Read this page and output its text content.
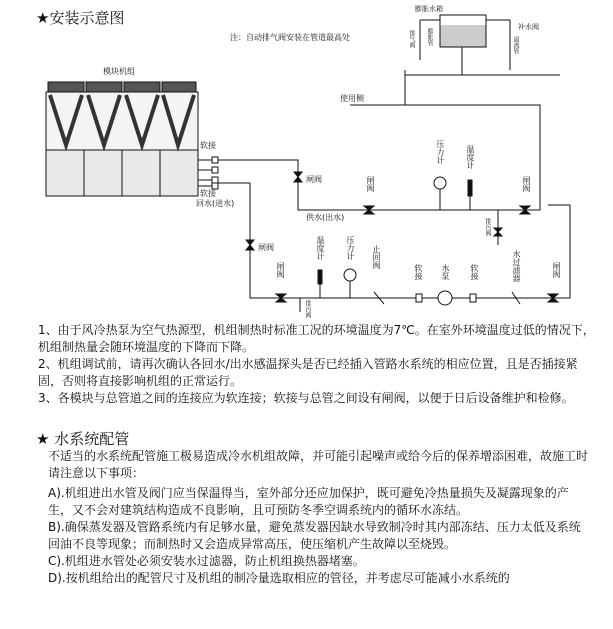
★安装示意图
注：自动排气阀安装在管道最高处
模块机组
使用侧
软接
软接
闸阀
闸阀
闸阀	闸阀
闸阀	闸阀
回水(进水)
供水(出水)
压力计	温度计
温度计	压力计 止回阀
软接 水泵	软接	水过滤器
排污阀
排污阀
膨胀水箱
补水阀
排气阀	溢流管
膨胀管

1、由于风冷热泵为空气热源型，机组制热时标准工况的环境温度为7℃。在室外环境温度过低的情况下，机组制热量会随环境温度的下降而下降。

2、机组调试前，请再次确认各回水/出水感温探头是否已经插入管路水系统的相应位置，且是否插接紧固，否则将直接影响机组的正常运行。

3、各模块与总管道之间的连接应为软连接；软接与总管之间设有闸阀，以便于日后设备维护和检修。

★ 水系统配管

不适当的水系统配管施工极易造成冷水机组故障，并可能引起噪声或给今后的保养增添困难，故施工时请注意以下事项：

A).机组进出水管及阀门应当保温得当，室外部分还应加保护，既可避免冷热量损失及凝露现象的产生，又不会对建筑结构造成不良影响，且可预防冬季空调系统内的循环水冻结。

B).确保蒸发器及管路系统内有足够水量，避免蒸发器因缺水导致制冷时其内部冻结、压力太低及系统回油不良等现象；而制热时又会造成异常高压，使压缩机产生故障以至烧毁。

C).机组进水管处必须安装水过滤器，防止机组换热器堵塞。

D).按机组给出的配管尺寸及机组的制冷量选取相应的管径，并考虑尽可能减小水系统的
